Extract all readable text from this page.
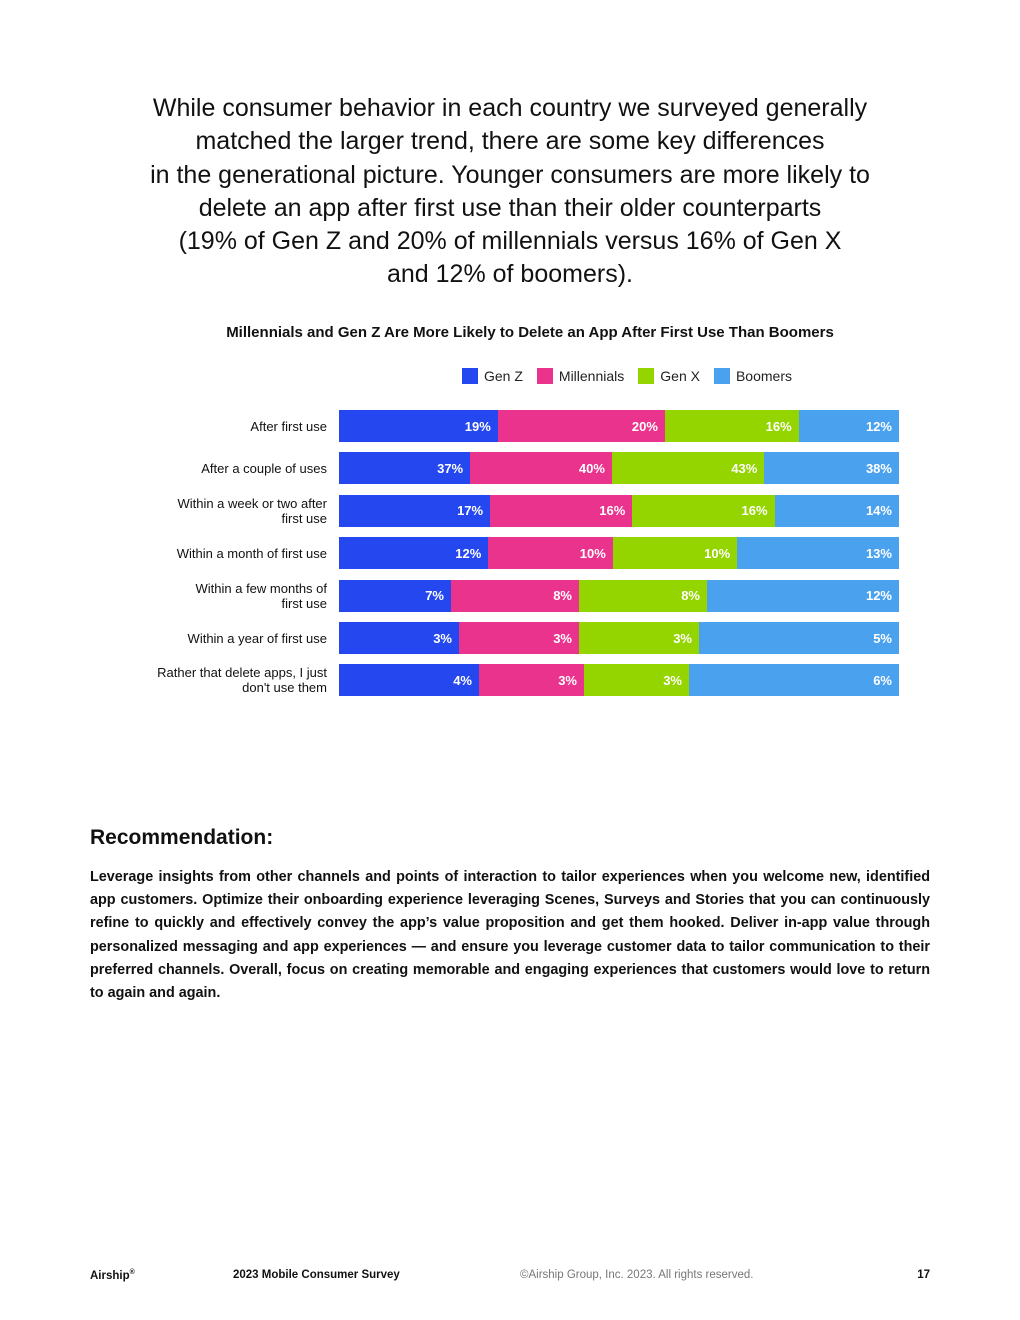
While consumer behavior in each country we surveyed generally
matched the larger trend, there are some key differences
in the generational picture. Younger consumers are more likely to
delete an app after first use than their older counterparts
(19% of Gen Z and 20% of millennials versus 16% of Gen X
and 12% of boomers).
Millennials and Gen Z Are More Likely to Delete an App After First Use Than Boomers
Gen Z	Millennials	Gen X	Boomers
After first use	19%	20%	16%	12%
After a couple of uses	37%	40%	43%	38%
Within a week or two after
first use	17%	16%	16%	14%
Within a month of first use	12%	10%	10%	13%
Within a few months of
first use	7%	8%	8%	12%
Within a year of first use	3%	3%	3%	5%
Rather that delete apps, I just
don't use them	4%	3%	3%	6%
Recommendation:

Leverage insights from other channels and points of interaction to tailor experiences when you welcome new, identified app customers. Optimize their onboarding experience leveraging Scenes, Surveys and Stories that you can continuously refine to quickly and effectively convey the app’s value proposition and get them hooked. Deliver in-app value through personalized messaging and app experiences — and ensure you leverage customer data to tailor communication to their preferred channels. Overall, focus on creating memorable and engaging experiences that customers would love to return to again and again.

Airship®	2023 Mobile Consumer Survey	©Airship Group, Inc. 2023. All rights reserved.	17
